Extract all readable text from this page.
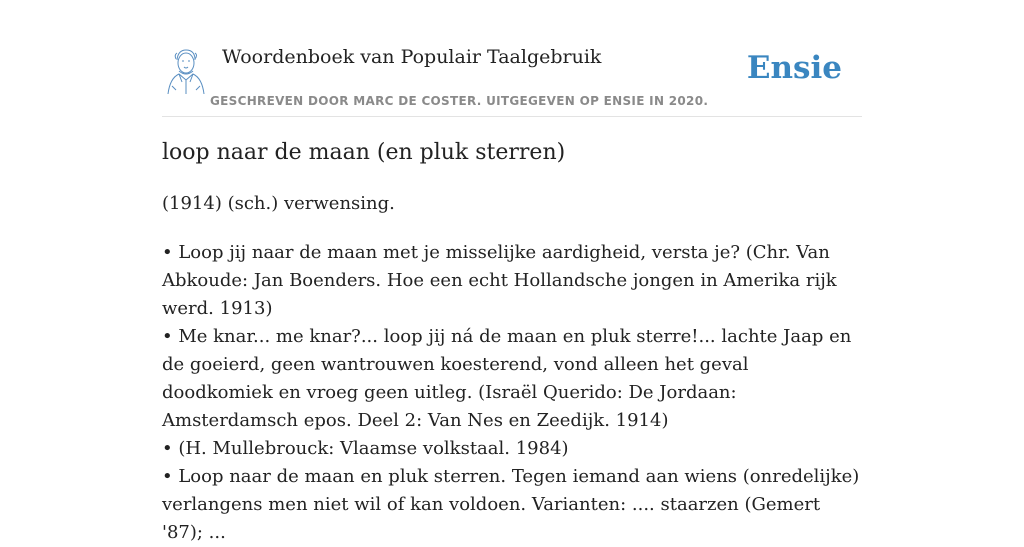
Woordenboek van Populair Taalgebruik
GESCHREVEN DOOR MARC DE COSTER. UITGEGEVEN OP ENSIE IN 2020.
Ensie
loop naar de maan (en pluk sterren)

(1914) (sch.) verwensing.

• Loop jij naar de maan met je misselijke aardigheid, versta je? (Chr. Van Abkoude: Jan Boenders. Hoe een echt Hollandsche jongen in Amerika rijk werd. 1913)

• Me knar... me knar?... loop jij ná de maan en pluk sterre!... lachte Jaap en de goeierd, geen wantrouwen koesterend, vond alleen het geval doodkomiek en vroeg geen uitleg. (Israël Querido: De Jordaan: Amsterdamsch epos. Deel 2: Van Nes en Zeedijk. 1914)

• (H. Mullebrouck: Vlaamse volkstaal. 1984)

• Loop naar de maan en pluk sterren. Tegen iemand aan wiens (onredelijke) verlangens men niet wil of kan voldoen. Varianten: .... staarzen (Gemert '87); ...
